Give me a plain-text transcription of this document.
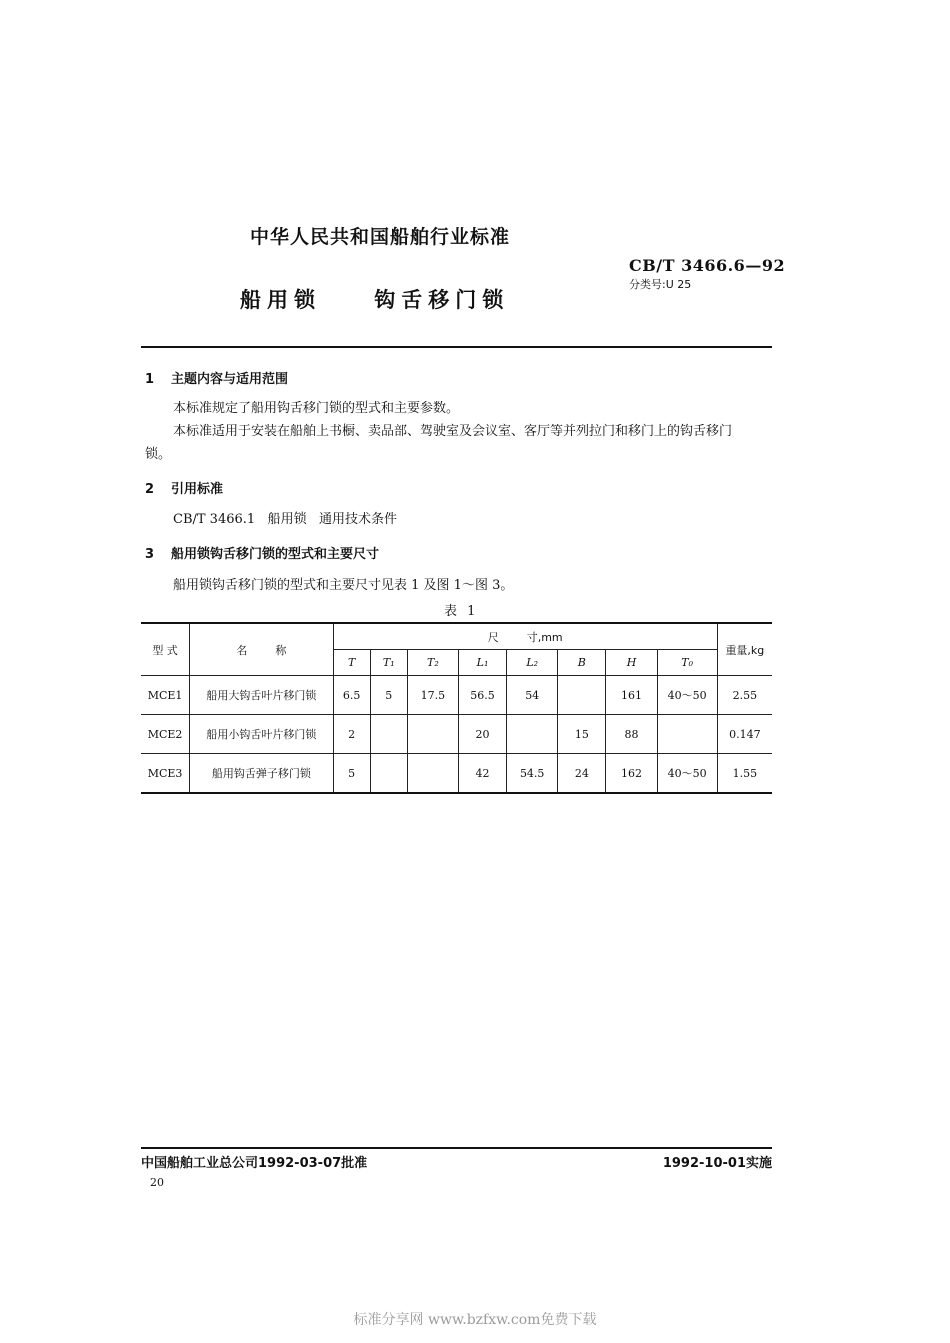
中华人民共和国船舶行业标准
CB/T 3466.6—92
分类号:U 25
船用锁    钩舌移门锁
1 主题内容与适用范围
本标准规定了船用钩舌移门锁的型式和主要参数。
本标准适用于安装在船舶上书橱、卖品部、驾驶室及会议室、客厅等并列拉门和移门上的钩舌移门
锁。
2 引用标准
CB/T 3466.1   船用锁   通用技术条件
3 船用锁钩舌移门锁的型式和主要尺寸
船用锁钩舌移门锁的型式和主要尺寸见表 1 及图 1～图 3。
表 1
型 式	名        称	尺        寸,mm								重量,kg
		T	T₁	T₂	L₁	L₂	B	H	T₀	
MCE1	船用大钩舌叶片移门锁	6.5	5	17.5	56.5	54		161	40～50	2.55
MCE2	船用小钩舌叶片移门锁	2			20		15	88		0.147
MCE3	船用钩舌弹子移门锁	5			42	54.5	24	162	40～50	1.55
中国船舶工业总公司1992-03-07批准	1992-10-01实施
20
标准分享网 www.bzfxw.com免费下载
